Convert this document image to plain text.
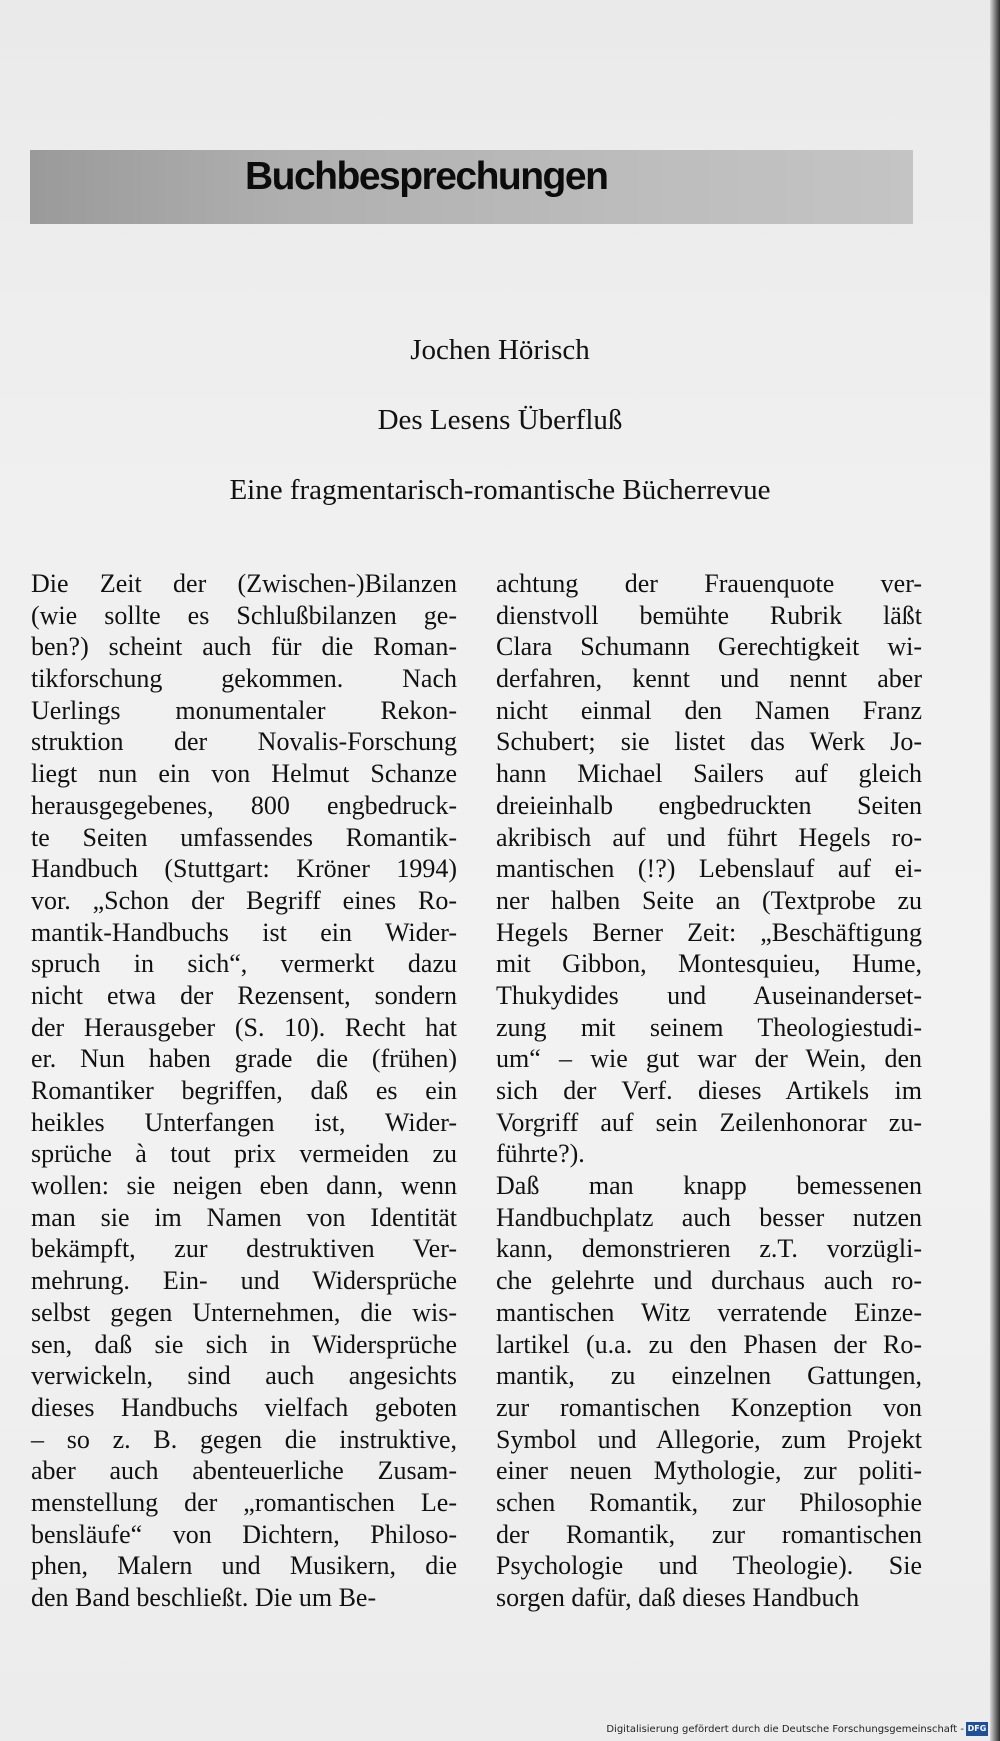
Buchbesprechungen
Jochen Hörisch
Des Lesens Überfluß
Eine fragmentarisch-romantische Bücherrevue
Die Zeit der (Zwischen-)Bilanzen
(wie sollte es Schlußbilanzen ge-
ben?) scheint auch für die Roman-
tikforschung gekommen. Nach
Uerlings monumentaler Rekon-
struktion der Novalis-Forschung
liegt nun ein von Helmut Schanze
herausgegebenes, 800 engbedruck-
te Seiten umfassendes Romantik-
Handbuch (Stuttgart: Kröner 1994)
vor. „Schon der Begriff eines Ro-
mantik-Handbuchs ist ein Wider-
spruch in sich“, vermerkt dazu
nicht etwa der Rezensent, sondern
der Herausgeber (S. 10). Recht hat
er. Nun haben grade die (frühen)
Romantiker begriffen, daß es ein
heikles Unterfangen ist, Wider-
sprüche à tout prix vermeiden zu
wollen: sie neigen eben dann, wenn
man sie im Namen von Identität
bekämpft, zur destruktiven Ver-
mehrung. Ein- und Widersprüche
selbst gegen Unternehmen, die wis-
sen, daß sie sich in Widersprüche
verwickeln, sind auch angesichts
dieses Handbuchs vielfach geboten
– so z. B. gegen die instruktive,
aber auch abenteuerliche Zusam-
menstellung der „romantischen Le-
bensläufe“ von Dichtern, Philoso-
phen, Malern und Musikern, die
den Band beschließt. Die um Be-
achtung der Frauenquote ver-
dienstvoll bemühte Rubrik läßt
Clara Schumann Gerechtigkeit wi-
derfahren, kennt und nennt aber
nicht einmal den Namen Franz
Schubert; sie listet das Werk Jo-
hann Michael Sailers auf gleich
dreieinhalb engbedruckten Seiten
akribisch auf und führt Hegels ro-
mantischen (!?) Lebenslauf auf ei-
ner halben Seite an (Textprobe zu
Hegels Berner Zeit: „Beschäftigung
mit Gibbon, Montesquieu, Hume,
Thukydides und Auseinanderset-
zung mit seinem Theologiestudi-
um“ – wie gut war der Wein, den
sich der Verf. dieses Artikels im
Vorgriff auf sein Zeilenhonorar zu-
führte?).
Daß man knapp bemessenen
Handbuchplatz auch besser nutzen
kann, demonstrieren z.T. vorzügli-
che gelehrte und durchaus auch ro-
mantischen Witz verratende Einze-
lartikel (u.a. zu den Phasen der Ro-
mantik, zu einzelnen Gattungen,
zur romantischen Konzeption von
Symbol und Allegorie, zum Projekt
einer neuen Mythologie, zur politi-
schen Romantik, zur Philosophie
der Romantik, zur romantischen
Psychologie und Theologie). Sie
sorgen dafür, daß dieses Handbuch
Digitalisierung gefördert durch die Deutsche Forschungsgemeinschaft - DFG
